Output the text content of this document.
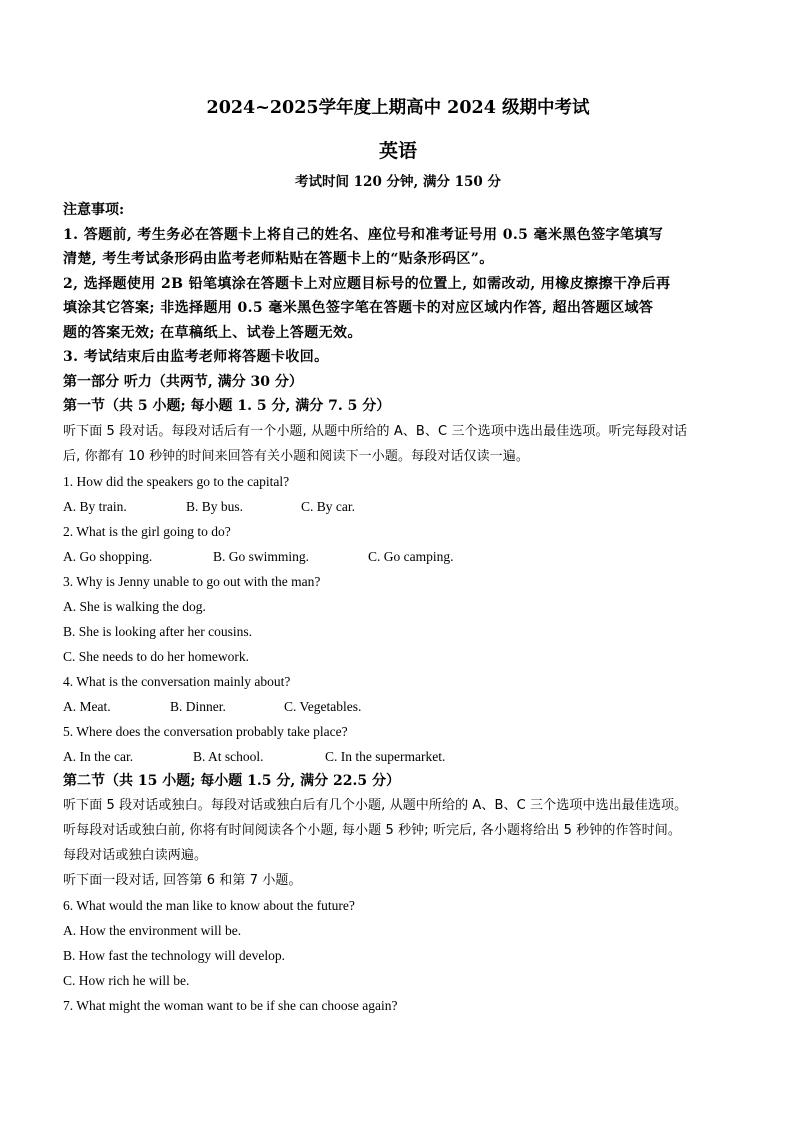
2024~2025学年度上期高中 2024 级期中考试
英语
考试时间 120 分钟, 满分 150 分
注意事项:
1. 答题前, 考生务必在答题卡上将自己的姓名、座位号和准考证号用 0.5 毫米黑色签字笔填写
清楚, 考生考试条形码由监考老师粘贴在答题卡上的“贴条形码区”。
2, 选择题使用 2B 铅笔填涂在答题卡上对应题目标号的位置上, 如需改动, 用橡皮擦擦干净后再
填涂其它答案; 非选择题用 0.5 毫米黑色签字笔在答题卡的对应区域内作答, 超出答题区域答
题的答案无效; 在草稿纸上、试卷上答题无效。
3. 考试结束后由监考老师将答题卡收回。
第一部分 听力（共两节, 满分 30 分）
第一节（共 5 小题; 每小题 1. 5 分, 满分 7. 5 分）
听下面 5 段对话。每段对话后有一个小题, 从题中所给的 A、B、C 三个选项中选出最佳选项。听完每段对话
后, 你都有 10 秒钟的时间来回答有关小题和阅读下一小题。每段对话仅读一遍。
1. How did the speakers go to the capital?
A. By train.	B. By bus.	C. By car.
2. What is the girl going to do?
A. Go shopping.	B. Go swimming.	C. Go camping.
3. Why is Jenny unable to go out with the man?
A. She is walking the dog.
B. She is looking after her cousins.
C. She needs to do her homework.
4. What is the conversation mainly about?
A. Meat.	B. Dinner.	C. Vegetables.
5. Where does the conversation probably take place?
A. In the car.	B. At school.	C. In the supermarket.
第二节（共 15 小题; 每小题 1.5 分, 满分 22.5 分）
听下面 5 段对话或独白。每段对话或独白后有几个小题, 从题中所给的 A、B、C 三个选项中选出最佳选项。
听每段对话或独白前, 你将有时间阅读各个小题, 每小题 5 秒钟; 听完后, 各小题将给出 5 秒钟的作答时间。
每段对话或独白读两遍。
听下面一段对话, 回答第 6 和第 7 小题。
6. What would the man like to know about the future?
A. How the environment will be.
B. How fast the technology will develop.
C. How rich he will be.
7. What might the woman want to be if she can choose again?
